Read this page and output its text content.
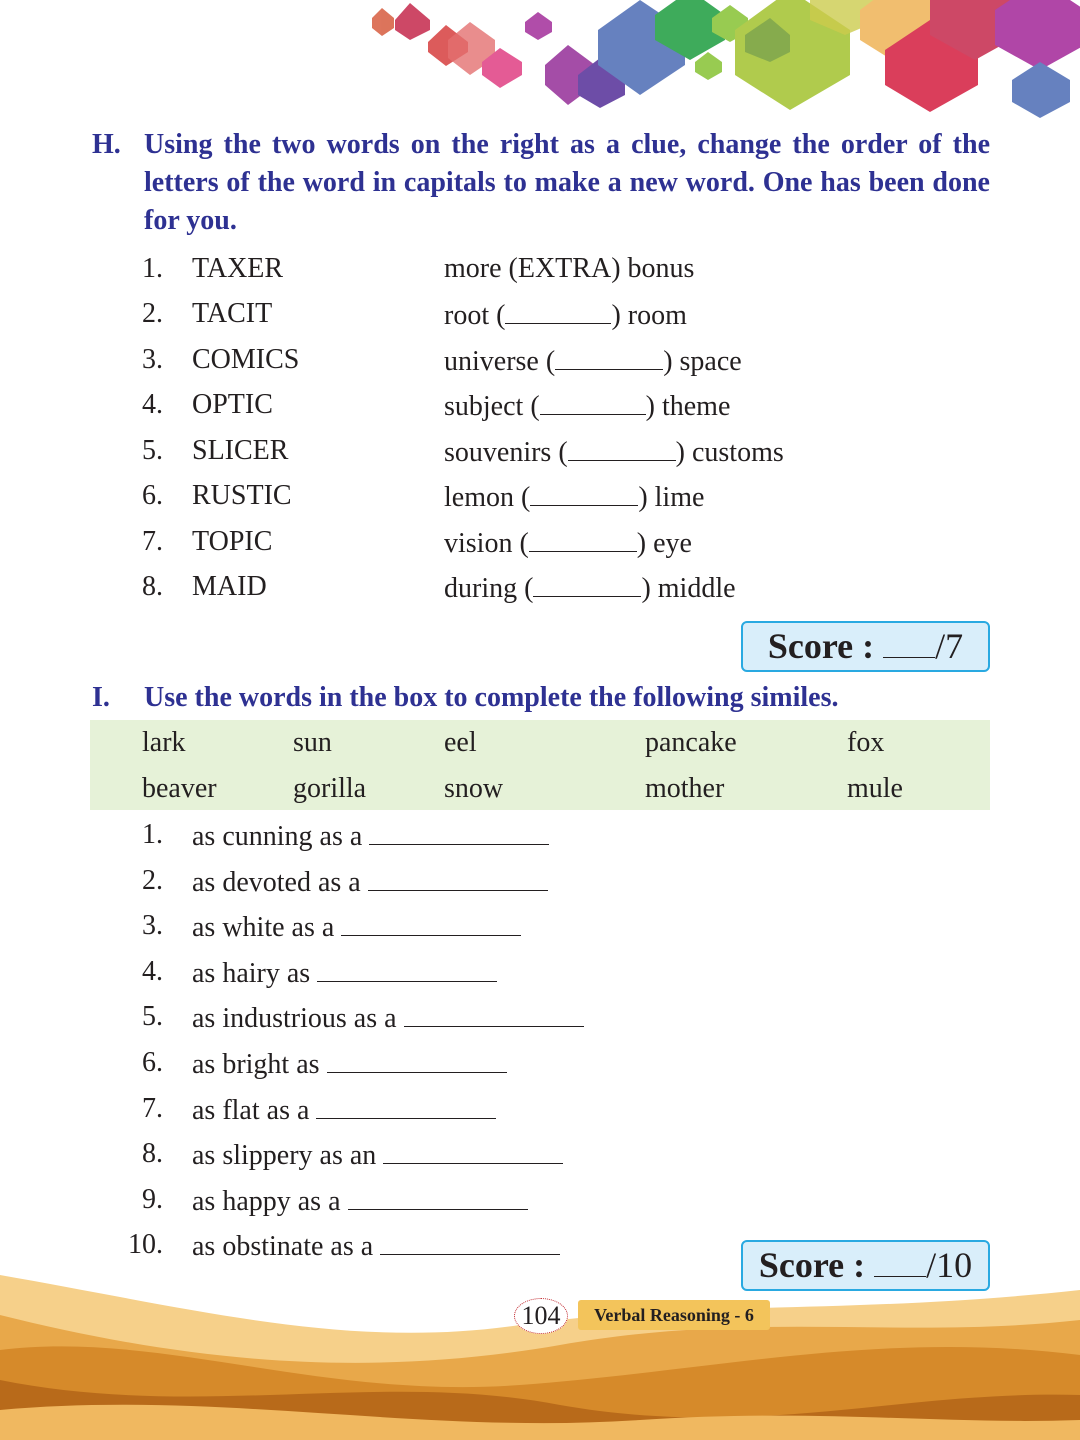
H. Using the two words on the right as a clue, change the order of the letters of the word in capitals to make a new word. One has been done for you.
1. TAXER	more (EXTRA) bonus
2. TACIT	root (	) room
3. COMICS	universe (	) space
4. OPTIC	subject (	) theme
5. SLICER	souvenirs (	) customs
6. RUSTIC	lemon (	) lime
7. TOPIC	vision (	) eye
8. MAID	during (	) middle
Score : /7
I. Use the words in the box to complete the following similes.
lark	sun	eel	pancake	fox
beaver	gorilla	snow	mother	mule
1. as cunning as a
2. as devoted as a
3. as white as a
4. as hairy as
5. as industrious as a
6. as bright as
7. as flat as a
8. as slippery as an
9. as happy as a
10. as obstinate as a	Score : /10
104	Verbal Reasoning - 6
